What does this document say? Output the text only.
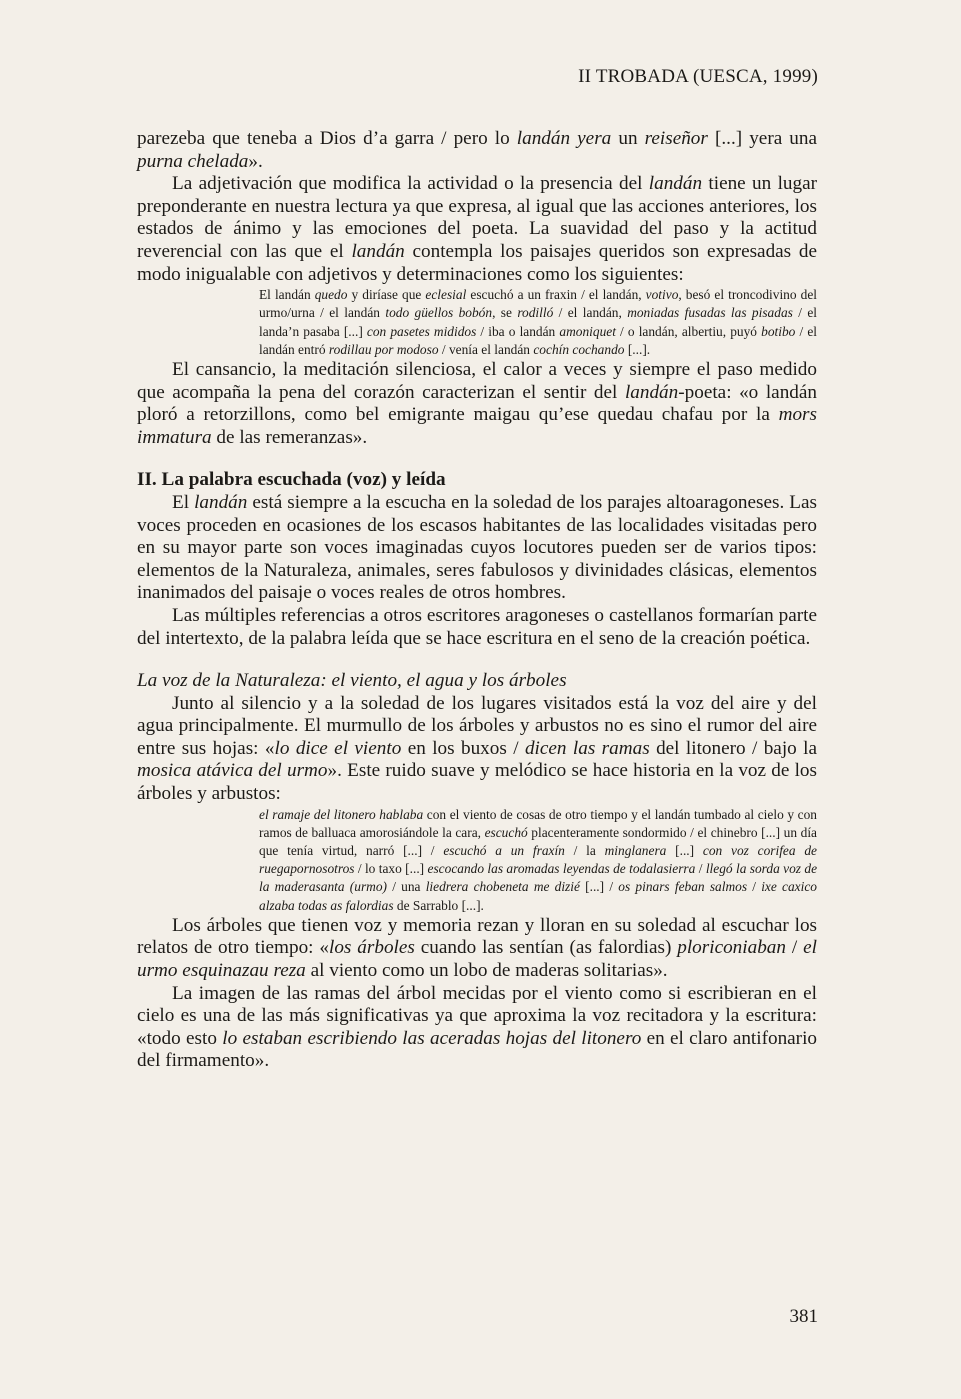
II TROBADA (UESCA, 1999)

parezeba que teneba a Dios d’a garra / pero lo landán yera un reiseñor [...] yera una purna chelada».

La adjetivación que modifica la actividad o la presencia del landán tiene un lugar preponderante en nuestra lectura ya que expresa, al igual que las acciones anteriores, los estados de ánimo y las emociones del poeta. La suavidad del paso y la actitud reverencial con las que el landán contempla los paisajes queridos son expresadas de modo inigualable con adjetivos y determinaciones como los siguientes:

El landán quedo y diríase que eclesial escuchó a un fraxin / el landán, votivo, besó el troncodivino del urmo/urna / el landán todo güellos bobón, se rodilló / el landán, moniadas fusadas las pisadas / el landa’n pasaba [...] con pasetes mididos / iba o landán amoniquet / o landán, albertiu, puyó botibo / el landán entró rodillau por modoso / venía el landán cochín cochando [...].

El cansancio, la meditación silenciosa, el calor a veces y siempre el paso medido que acompaña la pena del corazón caracterizan el sentir del landán-poeta: «o landán ploró a retorzillons, como bel emigrante maigau qu’ese quedau chafau por la mors immatura de las remeranzas».

II. La palabra escuchada (voz) y leída

El landán está siempre a la escucha en la soledad de los parajes altoaragoneses. Las voces proceden en ocasiones de los escasos habitantes de las localidades visitadas pero en su mayor parte son voces imaginadas cuyos locutores pueden ser de varios tipos: elementos de la Naturaleza, animales, seres fabulosos y divinidades clásicas, elementos inanimados del paisaje o voces reales de otros hombres.

Las múltiples referencias a otros escritores aragoneses o castellanos formarían parte del intertexto, de la palabra leída que se hace escritura en el seno de la creación poética.

La voz de la Naturaleza: el viento, el agua y los árboles

Junto al silencio y a la soledad de los lugares visitados está la voz del aire y del agua principalmente. El murmullo de los árboles y arbustos no es sino el rumor del aire entre sus hojas: «lo dice el viento en los buxos / dicen las ramas del litonero / bajo la mosica atávica del urmo». Este ruido suave y melódico se hace historia en la voz de los árboles y arbustos:

el ramaje del litonero hablaba con el viento de cosas de otro tiempo y el landán tumbado al cielo y con ramos de balluaca amorosiándole la cara, escuchó placenteramente sondormido / el chinebro [...] un día que tenía virtud, narró [...] / escuchó a un fraxín / la minglanera [...] con voz corifea de ruegapornosotros / lo taxo [...] escocando las aromadas leyendas de todalasierra / llegó la sorda voz de la maderasanta (urmo) / una liedrera chobeneta me dizié [...] / os pinars feban salmos / ixe caxico alzaba todas as falordias de Sarrablo [...].

Los árboles que tienen voz y memoria rezan y lloran en su soledad al escuchar los relatos de otro tiempo: «los árboles cuando las sentían (as falordias) ploriconiaban / el urmo esquinazau reza al viento como un lobo de maderas solitarias».

La imagen de las ramas del árbol mecidas por el viento como si escribieran en el cielo es una de las más significativas ya que aproxima la voz recitadora y la escritura: «todo esto lo estaban escribiendo las aceradas hojas del litonero en el claro antifonario del firmamento».

381
